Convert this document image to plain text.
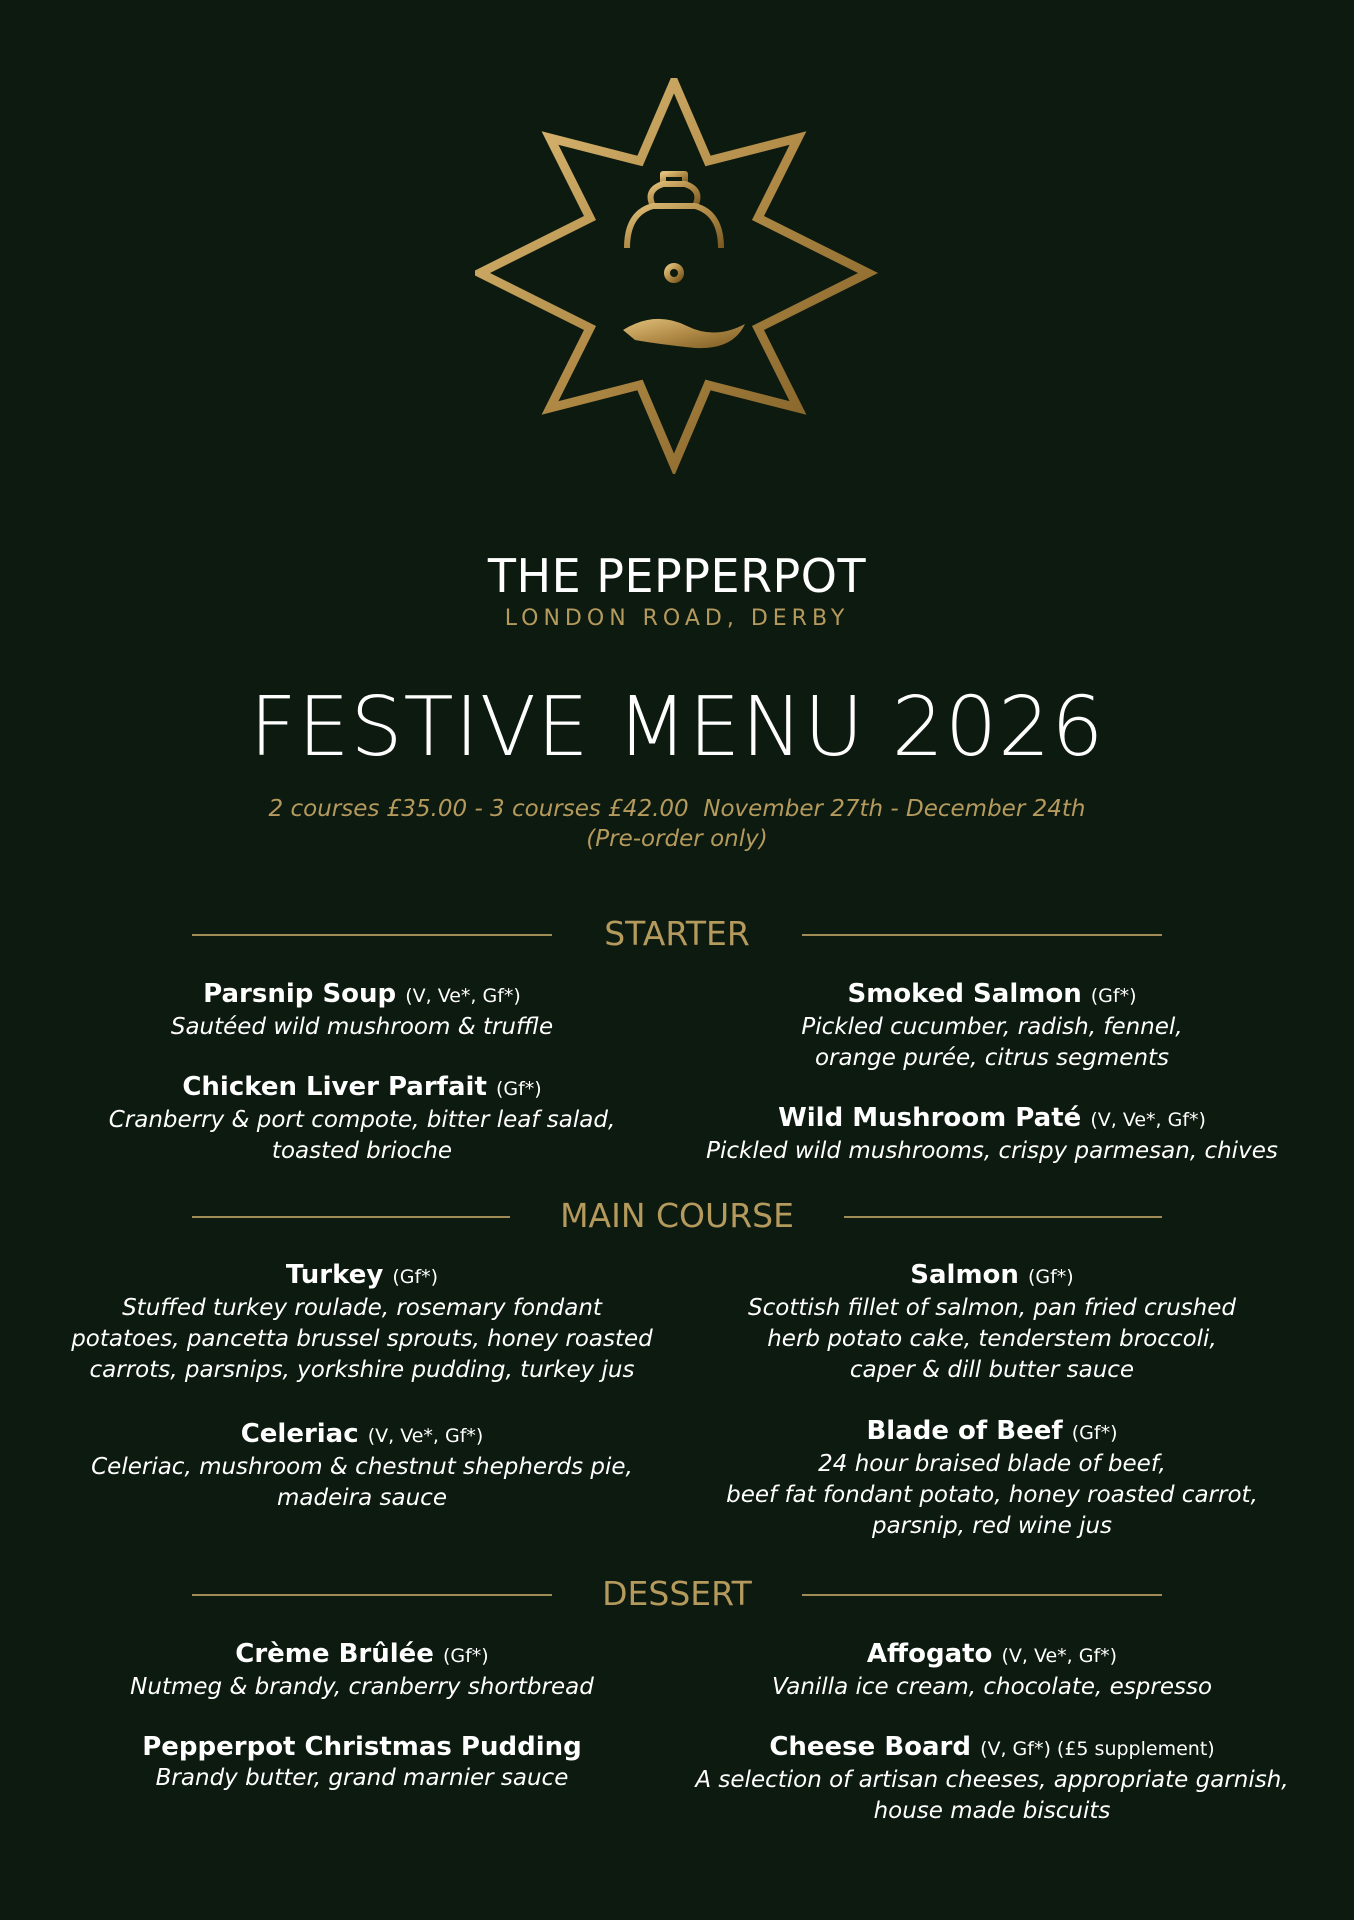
THE PEPPERPOT
LONDON ROAD, DERBY
FESTIVE MENU 2026
2 courses £35.00 - 3 courses £42.00  November 27th - December 24th
(Pre-order only)
STARTER
Parsnip Soup (V, Ve*, Gf*)
Sautéed wild mushroom & truffle
Smoked Salmon (Gf*)
Pickled cucumber, radish, fennel,
orange purée, citrus segments
Chicken Liver Parfait (Gf*)
Cranberry & port compote, bitter leaf salad,
toasted brioche
Wild Mushroom Paté (V, Ve*, Gf*)
Pickled wild mushrooms, crispy parmesan, chives
MAIN COURSE
Turkey (Gf*)
Stuffed turkey roulade, rosemary fondant
potatoes, pancetta brussel sprouts, honey roasted
carrots, parsnips, yorkshire pudding, turkey jus
Salmon (Gf*)
Scottish fillet of salmon, pan fried crushed
herb potato cake, tenderstem broccoli,
caper & dill butter sauce
Celeriac (V, Ve*, Gf*)
Celeriac, mushroom & chestnut shepherds pie,
madeira sauce
Blade of Beef (Gf*)
24 hour braised blade of beef,
beef fat fondant potato, honey roasted carrot,
parsnip, red wine jus
DESSERT
Crème Brûlée (Gf*)
Nutmeg & brandy, cranberry shortbread
Affogato (V, Ve*, Gf*)
Vanilla ice cream, chocolate, espresso
Pepperpot Christmas Pudding
Brandy butter, grand marnier sauce
Cheese Board (V, Gf*) (£5 supplement)
A selection of artisan cheeses, appropriate garnish,
house made biscuits
